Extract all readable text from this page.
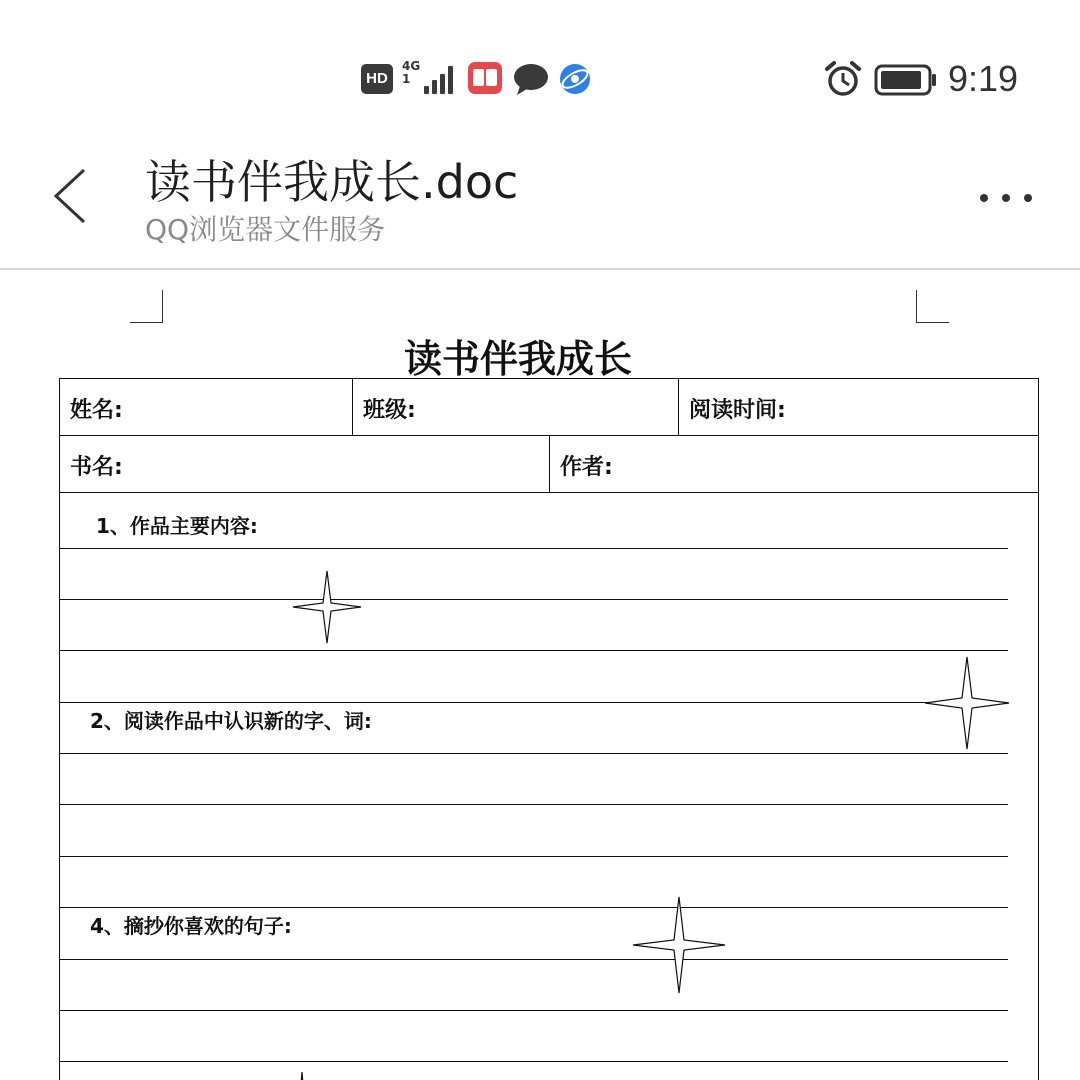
HD
4G
1	9:19
读书伴我成长.doc
QQ浏览器文件服务
读书伴我成长
姓名:	班级:	阅读时间:
书名:	作者:
1、作品主要内容:
2、阅读作品中认识新的字、词:
4、摘抄你喜欢的句子:
